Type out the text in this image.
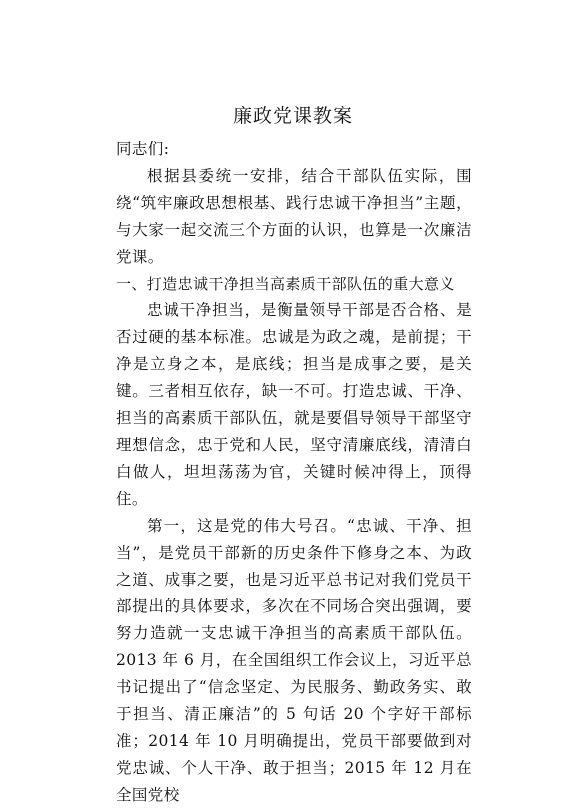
廉政党课教案

同志们:

根据县委统一安排，结合干部队伍实际，围绕“筑牢廉政思想根基、践行忠诚干净担当”主题，与大家一起交流三个方面的认识，也算是一次廉洁党课。

一、打造忠诚干净担当高素质干部队伍的重大意义

忠诚干净担当，是衡量领导干部是否合格、是否过硬的基本标准。忠诚是为政之魂，是前提；干净是立身之本，是底线；担当是成事之要，是关键。三者相互依存，缺一不可。打造忠诚、干净、担当的高素质干部队伍，就是要倡导领导干部坚守理想信念，忠于党和人民，坚守清廉底线，清清白白做人，坦坦荡荡为官，关键时候冲得上，顶得住。

第一，这是党的伟大号召。“忠诚、干净、担当”，是党员干部新的历史条件下修身之本、为政之道、成事之要，也是习近平总书记对我们党员干部提出的具体要求，多次在不同场合突出强调，要努力造就一支忠诚干净担当的高素质干部队伍。2013 年 6 月，在全国组织工作会议上，习近平总书记提出了“信念坚定、为民服务、勤政务实、敢于担当、清正廉洁”的 5 句话 20 个字好干部标准；2014 年 10 月明确提出，党员干部要做到对党忠诚、个人干净、敢于担当；2015 年 12 月在全国党校
